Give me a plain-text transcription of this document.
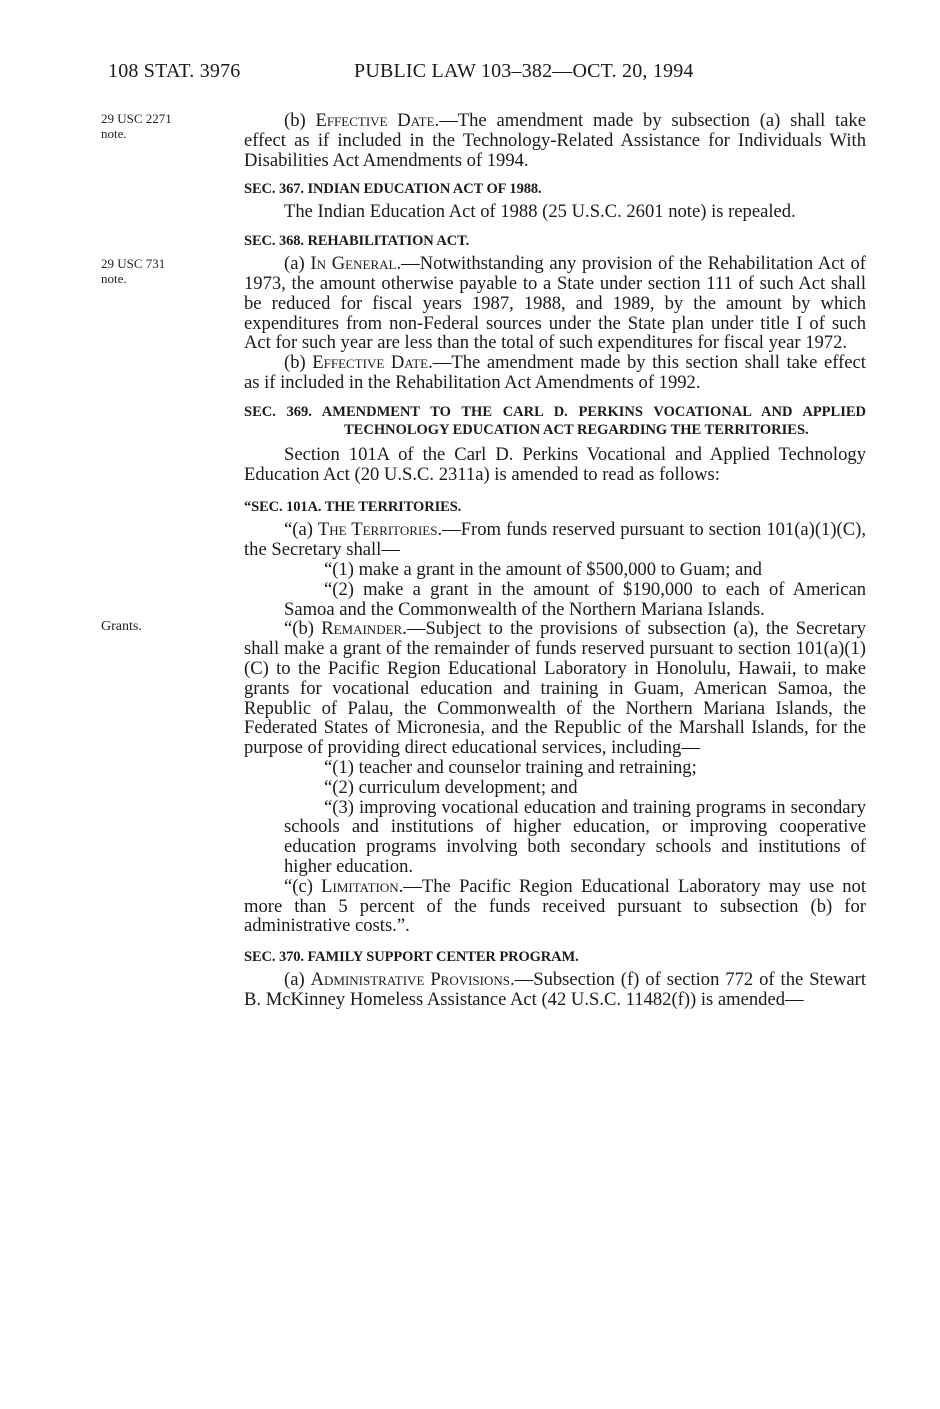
108 STAT. 3976	PUBLIC LAW 103–382—OCT. 20, 1994
29 USC 2271
note.
29 USC 731
note.
Grants.

(b) Effective Date.—The amendment made by subsection (a) shall take effect as if included in the Technology-Related Assistance for Individuals With Disabilities Act Amendments of 1994.

SEC. 367. INDIAN EDUCATION ACT OF 1988.

The Indian Education Act of 1988 (25 U.S.C. 2601 note) is repealed.

SEC. 368. REHABILITATION ACT.

(a) In General.—Notwithstanding any provision of the Rehabilitation Act of 1973, the amount otherwise payable to a State under section 111 of such Act shall be reduced for fiscal years 1987, 1988, and 1989, by the amount by which expenditures from non-Federal sources under the State plan under title I of such Act for such year are less than the total of such expenditures for fiscal year 1972.

(b) Effective Date.—The amendment made by this section shall take effect as if included in the Rehabilitation Act Amendments of 1992.

SEC. 369. AMENDMENT TO THE CARL D. PERKINS VOCATIONAL AND APPLIED TECHNOLOGY EDUCATION ACT REGARDING THE TERRITORIES.

Section 101A of the Carl D. Perkins Vocational and Applied Technology Education Act (20 U.S.C. 2311a) is amended to read as follows:

“SEC. 101A. THE TERRITORIES.

“(a) The Territories.—From funds reserved pursuant to section 101(a)(1)(C), the Secretary shall—

“(1) make a grant in the amount of $500,000 to Guam; and

“(2) make a grant in the amount of $190,000 to each of American Samoa and the Commonwealth of the Northern Mariana Islands.

“(b) Remainder.—Subject to the provisions of subsection (a), the Secretary shall make a grant of the remainder of funds reserved pursuant to section 101(a)(1)(C) to the Pacific Region Educational Laboratory in Honolulu, Hawaii, to make grants for vocational education and training in Guam, American Samoa, the Republic of Palau, the Commonwealth of the Northern Mariana Islands, the Federated States of Micronesia, and the Republic of the Marshall Islands, for the purpose of providing direct educational services, including—

“(1) teacher and counselor training and retraining;

“(2) curriculum development; and

“(3) improving vocational education and training programs in secondary schools and institutions of higher education, or improving cooperative education programs involving both secondary schools and institutions of higher education.

“(c) Limitation.—The Pacific Region Educational Laboratory may use not more than 5 percent of the funds received pursuant to subsection (b) for administrative costs.”.

SEC. 370. FAMILY SUPPORT CENTER PROGRAM.

(a) Administrative Provisions.—Subsection (f) of section 772 of the Stewart B. McKinney Homeless Assistance Act (42 U.S.C. 11482(f)) is amended—
